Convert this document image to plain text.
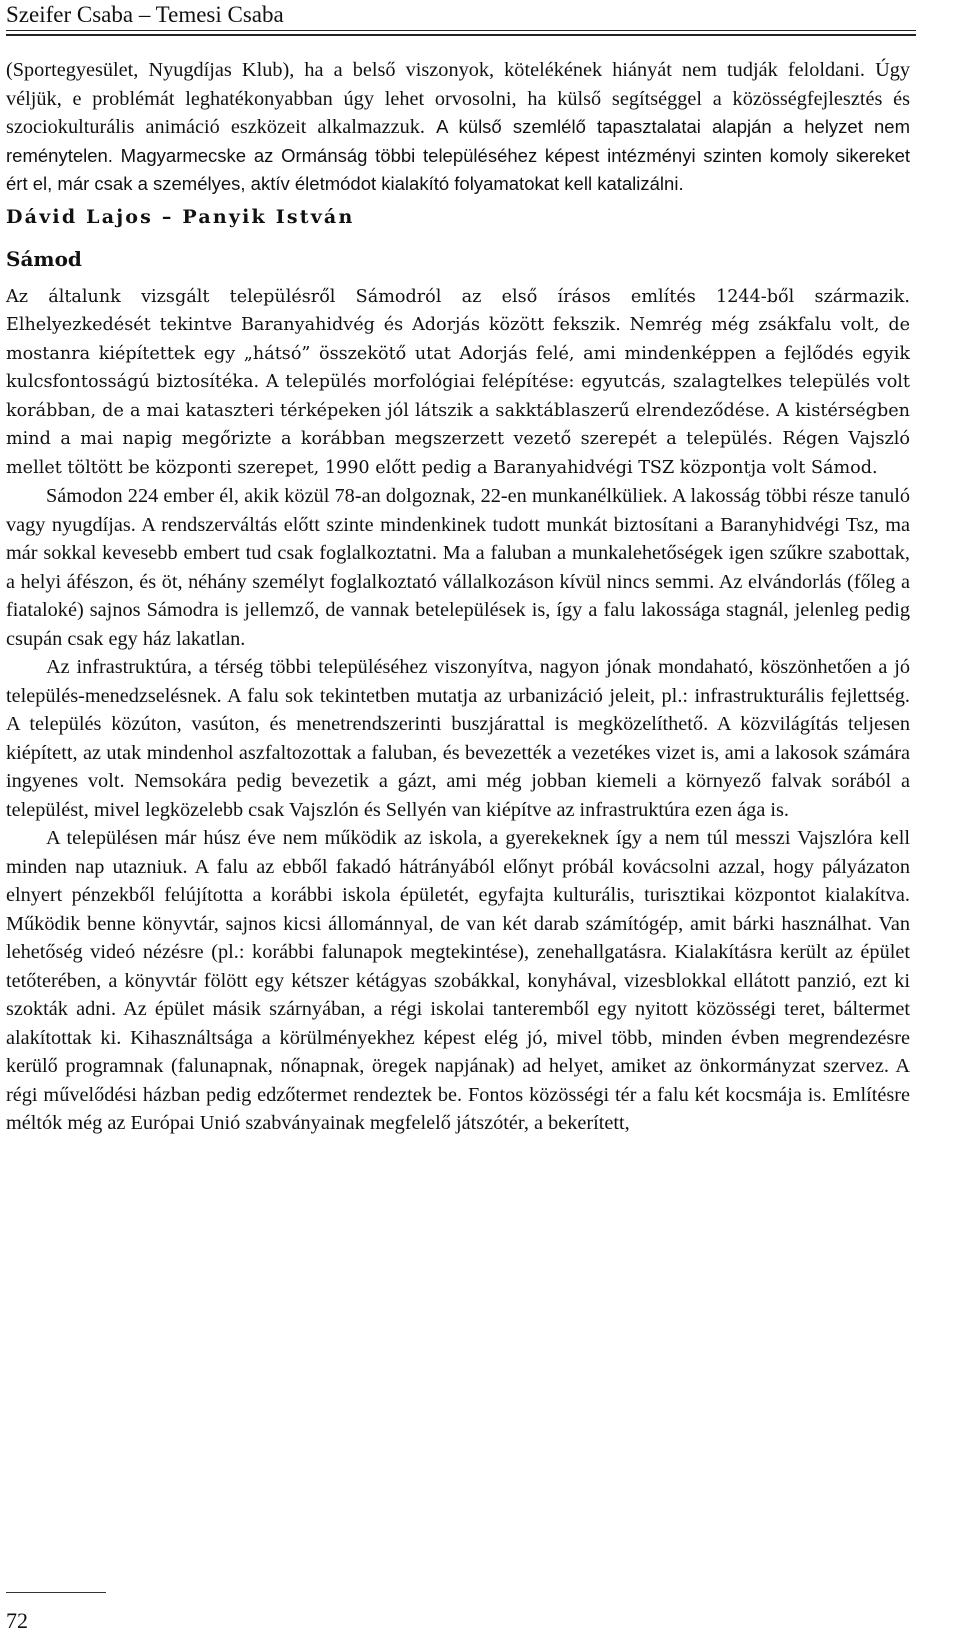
Szeifer Csaba – Temesi Csaba

(Sportegyesület, Nyugdíjas Klub), ha a belső viszonyok, kötelékének hiányát nem tudják feloldani. Úgy véljük, e problémát leghatékonyabban úgy lehet orvosolni, ha külső segítséggel a közösségfejlesztés és szociokulturális animáció eszközeit alkalmazzuk. A külső szemlélő tapasztalatai alapján a helyzet nem reménytelen. Magyarmecske az Ormánság többi településéhez képest intézményi szinten komoly sikereket ért el, már csak a személyes, aktív életmódot kialakító folyamatokat kell katalizálni.

Dávid Lajos – Panyik István

Sámod

Az általunk vizsgált településről Sámodról az első írásos említés 1244-ből származik. Elhelyezkedését tekintve Baranyahidvég és Adorjás között fekszik. Nemrég még zsákfalu volt, de mostanra kiépítettek egy „hátsó” összekötő utat Adorjás felé, ami mindenképpen a fejlődés egyik kulcsfontosságú biztosítéka. A település morfológiai felépítése: egyutcás, szalagtelkes település volt korábban, de a mai kataszteri térképeken jól látszik a sakktáblaszerű elrendeződése. A kistérségben mind a mai napig megőrizte a korábban megszerzett vezető szerepét a település. Régen Vajszló mellet töltött be központi szerepet, 1990 előtt pedig a Baranyahidvégi TSZ központja volt Sámod.

Sámodon 224 ember él, akik közül 78-an dolgoznak, 22-en munkanélküliek. A lakosság többi része tanuló vagy nyugdíjas. A rendszerváltás előtt szinte mindenkinek tudott munkát biztosítani a Baranyhidvégi Tsz, ma már sokkal kevesebb embert tud csak foglalkoztatni. Ma a faluban a munkalehetőségek igen szűkre szabottak, a helyi áfészon, és öt, néhány személyt foglalkoztató vállalkozáson kívül nincs semmi. Az elvándorlás (főleg a fiataloké) sajnos Sámodra is jellemző, de vannak betelepülések is, így a falu lakossága stagnál, jelenleg pedig csupán csak egy ház lakatlan.

Az infrastruktúra, a térség többi településéhez viszonyítva, nagyon jónak mondaható, köszönhetően a jó település-menedzselésnek. A falu sok tekintetben mutatja az urbanizáció jeleit, pl.: infrastrukturális fejlettség. A település közúton, vasúton, és menetrendszerinti buszjárattal is megközelíthető. A közvilágítás teljesen kiépített, az utak mindenhol aszfaltozottak a faluban, és bevezették a vezetékes vizet is, ami a lakosok számára ingyenes volt. Nemsokára pedig bevezetik a gázt, ami még jobban kiemeli a környező falvak sorából a települést, mivel legközelebb csak Vajszlón és Sellyén van kiépítve az infrastruktúra ezen ága is.

A településen már húsz éve nem működik az iskola, a gyerekeknek így a nem túl messzi Vajszlóra kell minden nap utazniuk. A falu az ebből fakadó hátrányából előnyt próbál kovácsolni azzal, hogy pályázaton elnyert pénzekből felújította a korábbi iskola épületét, egyfajta kulturális, turisztikai központot kialakítva. Működik benne könyvtár, sajnos kicsi állománnyal, de van két darab számítógép, amit bárki használhat. Van lehetőség videó nézésre (pl.: korábbi falunapok megtekintése), zenehallgatásra. Kialakításra került az épület tetőterében, a könyvtár fölött egy kétszer kétágyas szobákkal, konyhával, vizesblokkal ellátott panzió, ezt ki szokták adni. Az épület másik szárnyában, a régi iskolai tanteremből egy nyitott közösségi teret, báltermet alakítottak ki. Kihasználtsága a körülményekhez képest elég jó, mivel több, minden évben megrendezésre kerülő programnak (falunapnak, nőnapnak, öregek napjának) ad helyet, amiket az önkormányzat szervez. A régi művelődési házban pedig edzőtermet rendeztek be. Fontos közösségi tér a falu két kocsmája is. Említésre méltók még az Európai Unió szabványainak megfelelő játszótér, a bekerített,

72
